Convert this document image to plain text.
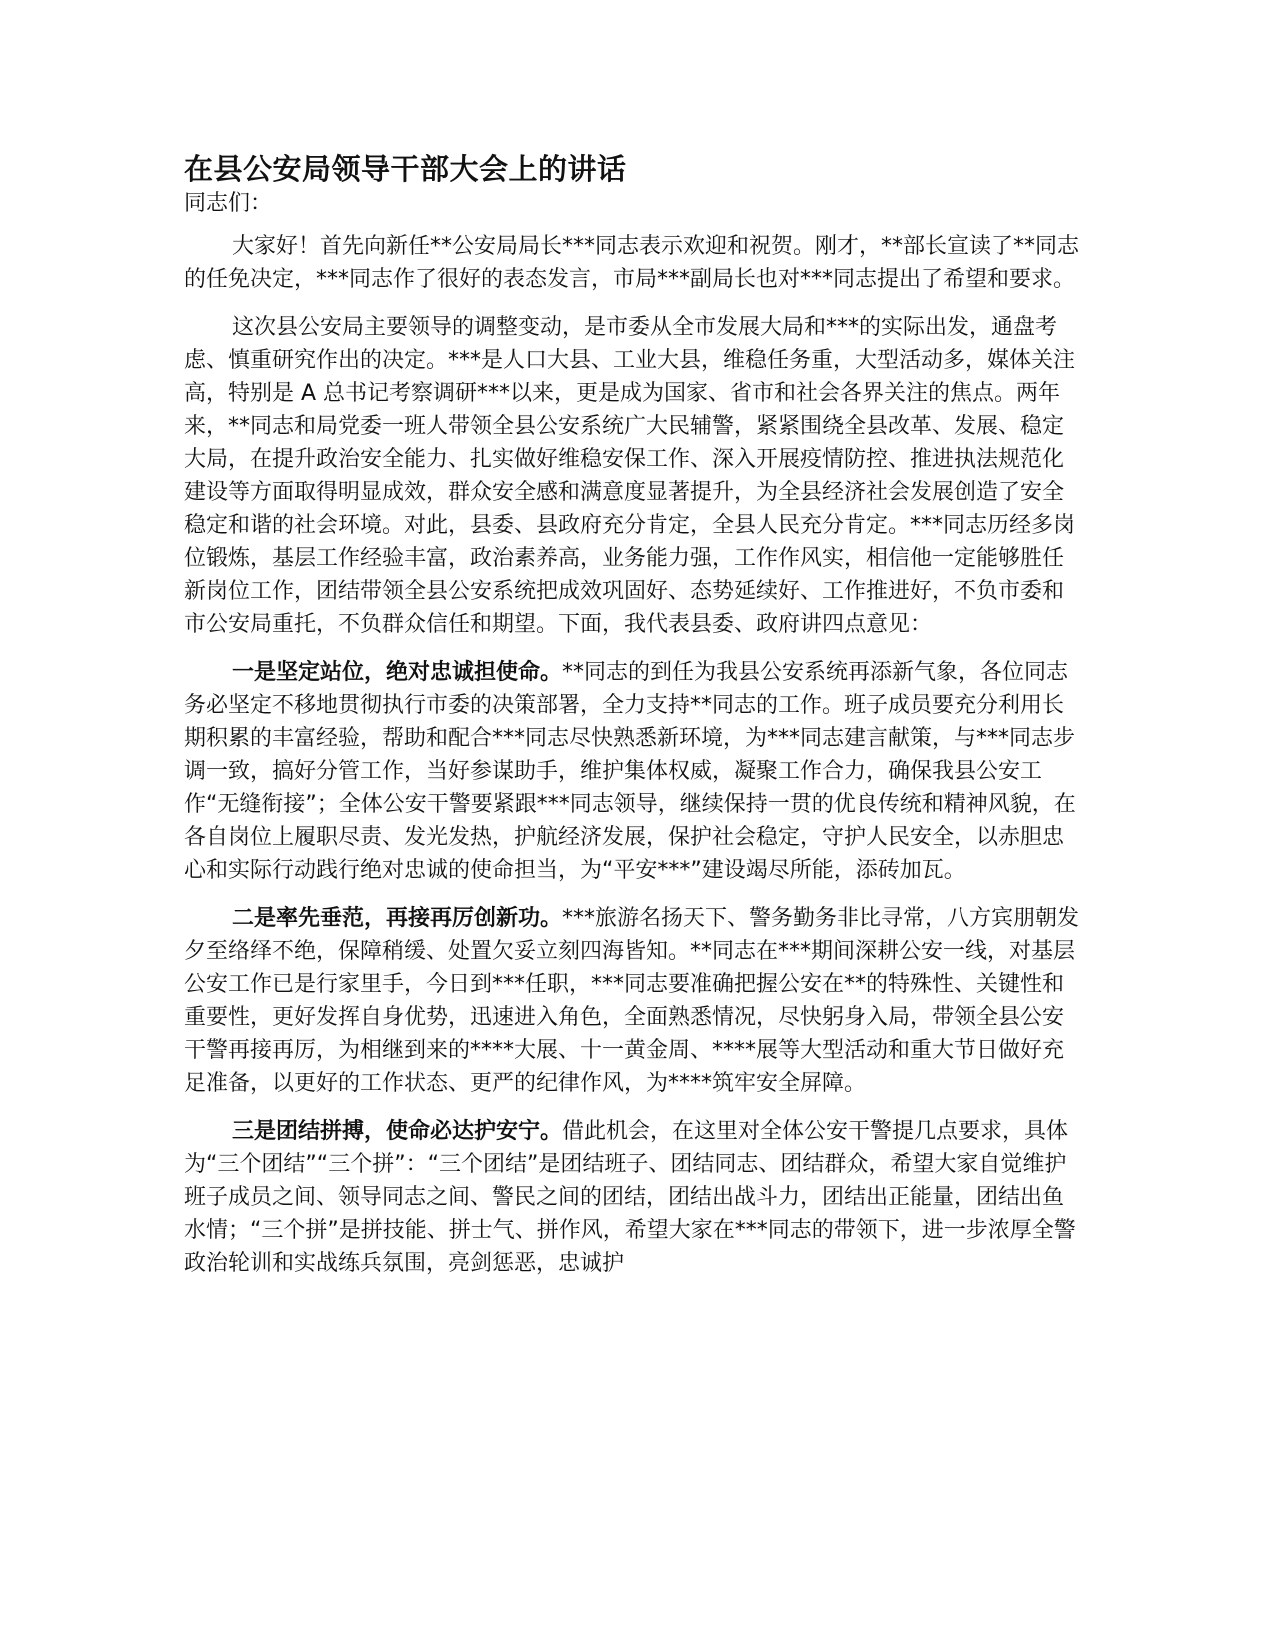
在县公安局领导干部大会上的讲话

同志们：

大家好！首先向新任**公安局局长***同志表示欢迎和祝贺。刚才，**部长宣读了**同志的任免决定，***同志作了很好的表态发言，市局***副局长也对***同志提出了希望和要求。

这次县公安局主要领导的调整变动，是市委从全市发展大局和***的实际出发，通盘考虑、慎重研究作出的决定。***是人口大县、工业大县，维稳任务重，大型活动多，媒体关注高，特别是 A 总书记考察调研***以来，更是成为国家、省市和社会各界关注的焦点。两年来，**同志和局党委一班人带领全县公安系统广大民辅警，紧紧围绕全县改革、发展、稳定大局，在提升政治安全能力、扎实做好维稳安保工作、深入开展疫情防控、推进执法规范化建设等方面取得明显成效，群众安全感和满意度显著提升，为全县经济社会发展创造了安全稳定和谐的社会环境。对此，县委、县政府充分肯定，全县人民充分肯定。***同志历经多岗位锻炼，基层工作经验丰富，政治素养高，业务能力强，工作作风实，相信他一定能够胜任新岗位工作，团结带领全县公安系统把成效巩固好、态势延续好、工作推进好，不负市委和市公安局重托，不负群众信任和期望。下面，我代表县委、政府讲四点意见：

一是坚定站位，绝对忠诚担使命。**同志的到任为我县公安系统再添新气象，各位同志务必坚定不移地贯彻执行市委的决策部署，全力支持**同志的工作。班子成员要充分利用长期积累的丰富经验，帮助和配合***同志尽快熟悉新环境，为***同志建言献策，与***同志步调一致，搞好分管工作，当好参谋助手，维护集体权威，凝聚工作合力，确保我县公安工作“无缝衔接”；全体公安干警要紧跟***同志领导，继续保持一贯的优良传统和精神风貌，在各自岗位上履职尽责、发光发热，护航经济发展，保护社会稳定，守护人民安全，以赤胆忠心和实际行动践行绝对忠诚的使命担当，为“平安***”建设竭尽所能，添砖加瓦。

二是率先垂范，再接再厉创新功。***旅游名扬天下、警务勤务非比寻常，八方宾朋朝发夕至络绎不绝，保障稍缓、处置欠妥立刻四海皆知。**同志在***期间深耕公安一线，对基层公安工作已是行家里手，今日到***任职，***同志要准确把握公安在**的特殊性、关键性和重要性，更好发挥自身优势，迅速进入角色，全面熟悉情况，尽快躬身入局，带领全县公安干警再接再厉，为相继到来的****大展、十一黄金周、****展等大型活动和重大节日做好充足准备，以更好的工作状态、更严的纪律作风，为****筑牢安全屏障。

三是团结拼搏，使命必达护安宁。借此机会，在这里对全体公安干警提几点要求，具体为“三个团结”“三个拼”：“三个团结”是团结班子、团结同志、团结群众，希望大家自觉维护班子成员之间、领导同志之间、警民之间的团结，团结出战斗力，团结出正能量，团结出鱼水情；“三个拼”是拼技能、拼士气、拼作风，希望大家在***同志的带领下，进一步浓厚全警政治轮训和实战练兵氛围，亮剑惩恶，忠诚护
